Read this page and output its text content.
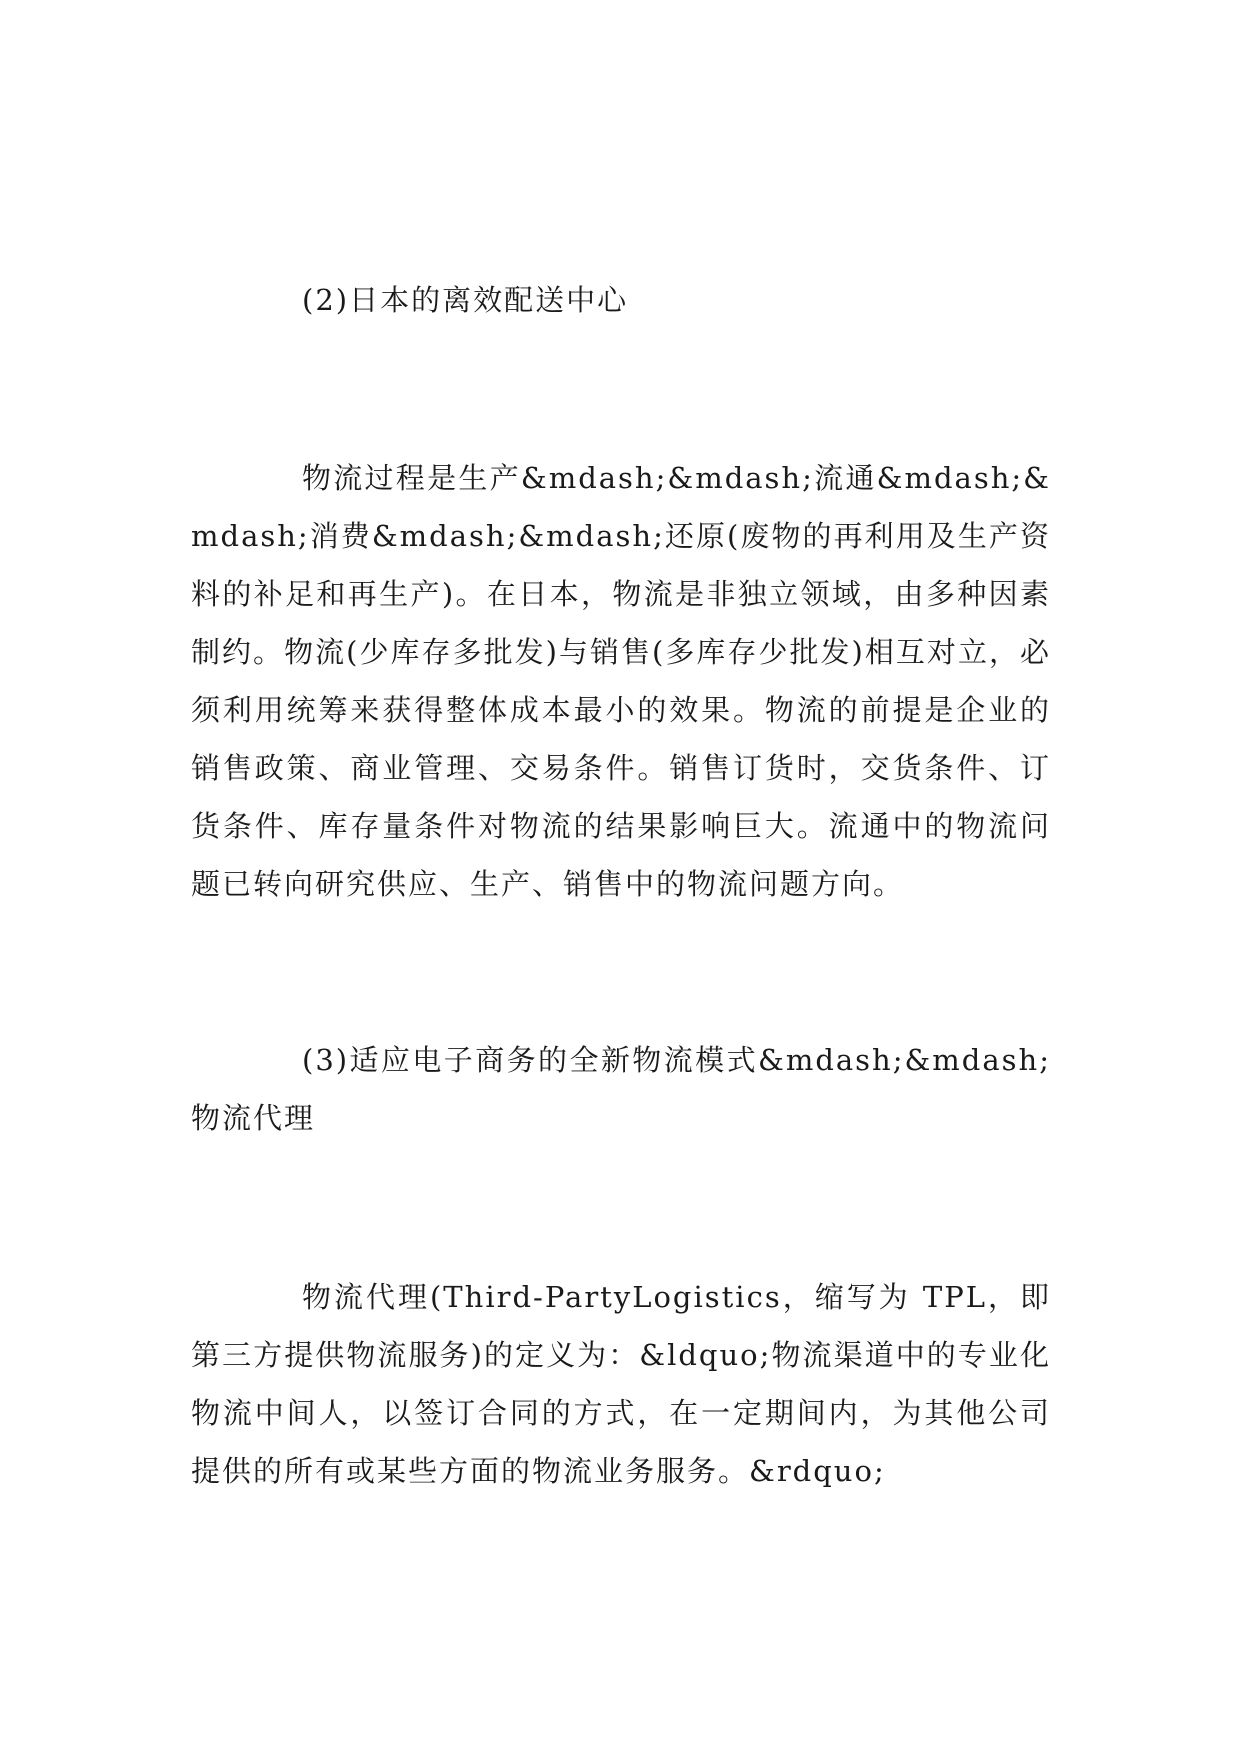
(2)日本的离效配送中心

物流过程是生产&mdash;&mdash;流通&mdash;&mdash;消费&mdash;&mdash;还原(废物的再利用及生产资料的补足和再生产)。在日本，物流是非独立领域，由多种因素制约。物流(少库存多批发)与销售(多库存少批发)相互对立，必须利用统筹来获得整体成本最小的效果。物流的前提是企业的销售政策、商业管理、交易条件。销售订货时，交货条件、订货条件、库存量条件对物流的结果影响巨大。流通中的物流问题已转向研究供应、生产、销售中的物流问题方向。

(3)适应电子商务的全新物流模式&mdash;&mdash;物流代理

物流代理(Third-PartyLogistics，缩写为 TPL，即第三方提供物流服务)的定义为：&ldquo;物流渠道中的专业化物流中间人，以签订合同的方式，在一定期间内，为其他公司提供的所有或某些方面的物流业务服务。&rdquo;
